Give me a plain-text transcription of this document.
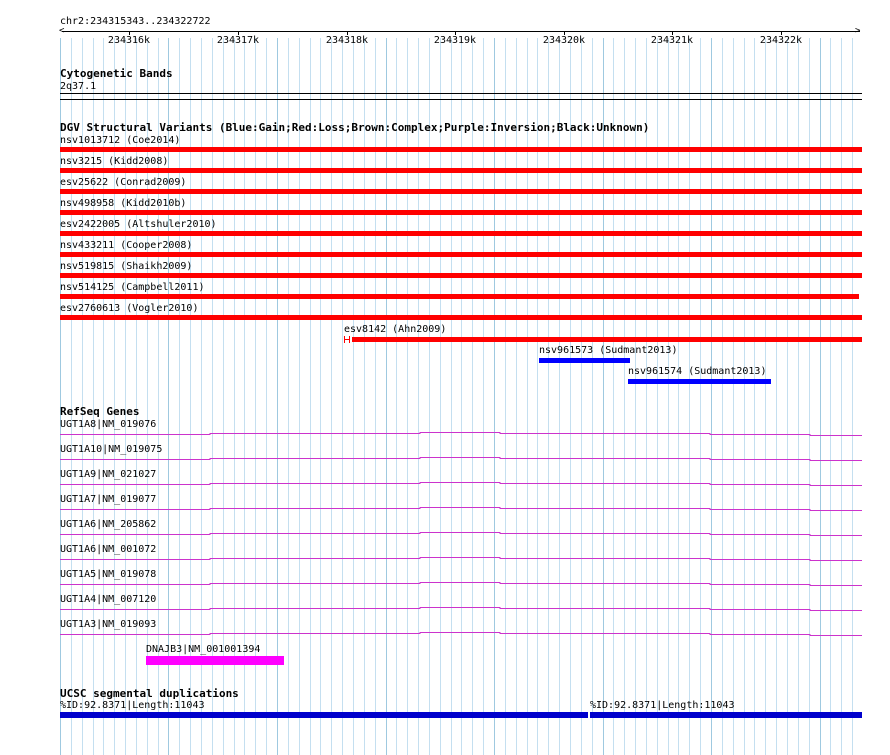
chr2:234315343..234322722
<	>
234316k	234317k	234318k	234319k	234320k	234321k	234322k
Cytogenetic Bands
2q37.1
DGV Structural Variants (Blue:Gain;Red:Loss;Brown:Complex;Purple:Inversion;Black:Unknown)
nsv1013712 (Coe2014)
nsv3215 (Kidd2008)
esv25622 (Conrad2009)
nsv498958 (Kidd2010b)
esv2422005 (Altshuler2010)
nsv433211 (Cooper2008)
nsv519815 (Shaikh2009)
nsv514125 (Campbell2011)
esv2760613 (Vogler2010)
esv8142 (Ahn2009)
nsv961573 (Sudmant2013)
nsv961574 (Sudmant2013)
RefSeq Genes
UGT1A8|NM_019076
UGT1A10|NM_019075
UGT1A9|NM_021027
UGT1A7|NM_019077
UGT1A6|NM_205862
UGT1A6|NM_001072
UGT1A5|NM_019078
UGT1A4|NM_007120
UGT1A3|NM_019093
DNAJB3|NM_001001394
UCSC segmental duplications
%ID:92.8371|Length:11043	%ID:92.8371|Length:11043
